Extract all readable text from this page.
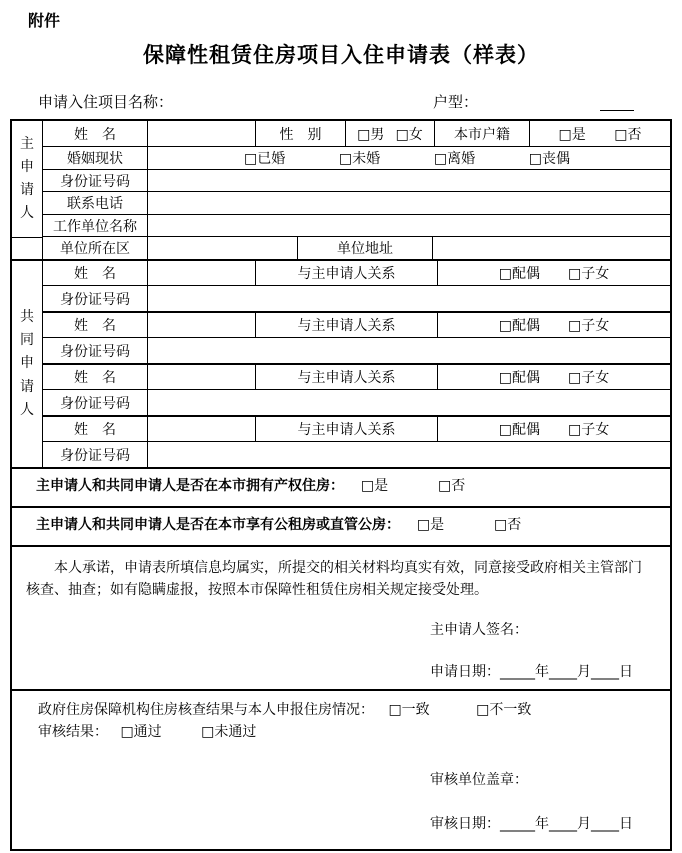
附件
保障性租赁住房项目入住申请表（样表）
申请入住项目名称：	户型：
主申请人
姓　名	性　别	□男 □女	本市户籍	□是 □否
婚姻现状	□已婚	□未婚	□离婚	□丧偶
身份证号码
联系电话
工作单位名称
单位所在区	单位地址
共同申请人
姓　名	与主申请人关系	□配偶 □子女
身份证号码
姓　名	与主申请人关系	□配偶 □子女
身份证号码
姓　名	与主申请人关系	□配偶 □子女
身份证号码
姓　名	与主申请人关系	□配偶 □子女
身份证号码
主申请人和共同申请人是否在本市拥有产权住房： □是	□否
主申请人和共同申请人是否在本市享有公租房或直管公房： □是	□否

本人承诺，申请表所填信息均属实，所提交的相关材料均真实有效，同意接受政府相关主管部门核查、抽查；如有隐瞒虚报，按照本市保障性租赁住房相关规定接受处理。

主申请人签名：
申请日期：_____年____月____日
政府住房保障机构住房核查结果与本人申报住房情况： □一致	□不一致
审核结果： □通过	□未通过
审核单位盖章：
审核日期：_____年____月____日
